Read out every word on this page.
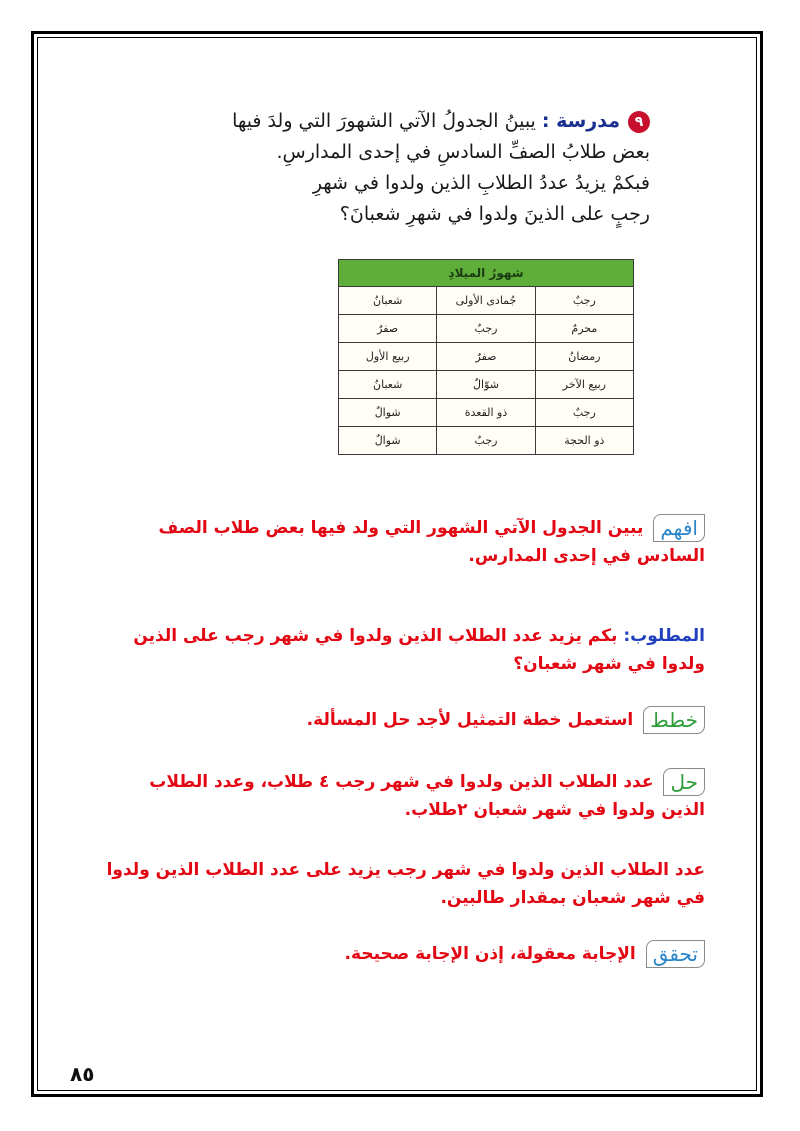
٩مدرسة : يبينُ الجدولُ الآتي الشهورَ التي ولدَ فيها
بعض طلابُ الصفِّ السادسِ في إحدى المدارسِ.
فبكمْ يزيدُ عددُ الطلابِ الذين ولدوا في شهرِ
رجبٍ على الذينَ ولدوا في شهرِ شعبانَ؟
شهورُ الميلادِ		
رجبٌ	جُمادى الأولى	شعبانُ
محرمٌ	رجبٌ	صفرٌ
رمضانُ	صفرٌ	ربيع الأول
ربيع الآخر	شوّالٌ	شعبانُ
رجبٌ	ذو القعدة	شوالٌ
ذو الحجة	رجبٌ	شوالٌ
افهميبين الجدول الآتي الشهور التي ولد فيها بعض طلاب الصف السادس في إحدى المدارس.
المطلوب: بكم يزيد عدد الطلاب الذين ولدوا في شهر رجب على الذين ولدوا في شهر شعبان؟
خططاستعمل خطة التمثيل لأجد حل المسألة.
حلعدد الطلاب الذين ولدوا في شهر رجب ٤ طلاب، وعدد الطلاب الذين ولدوا في شهر شعبان ٢طلاب.
عدد الطلاب الذين ولدوا في شهر رجب يزيد على عدد الطلاب الذين ولدوا في شهر شعبان بمقدار طالبين.
تحققالإجابة معقولة، إذن الإجابة صحيحة.
٨٥
